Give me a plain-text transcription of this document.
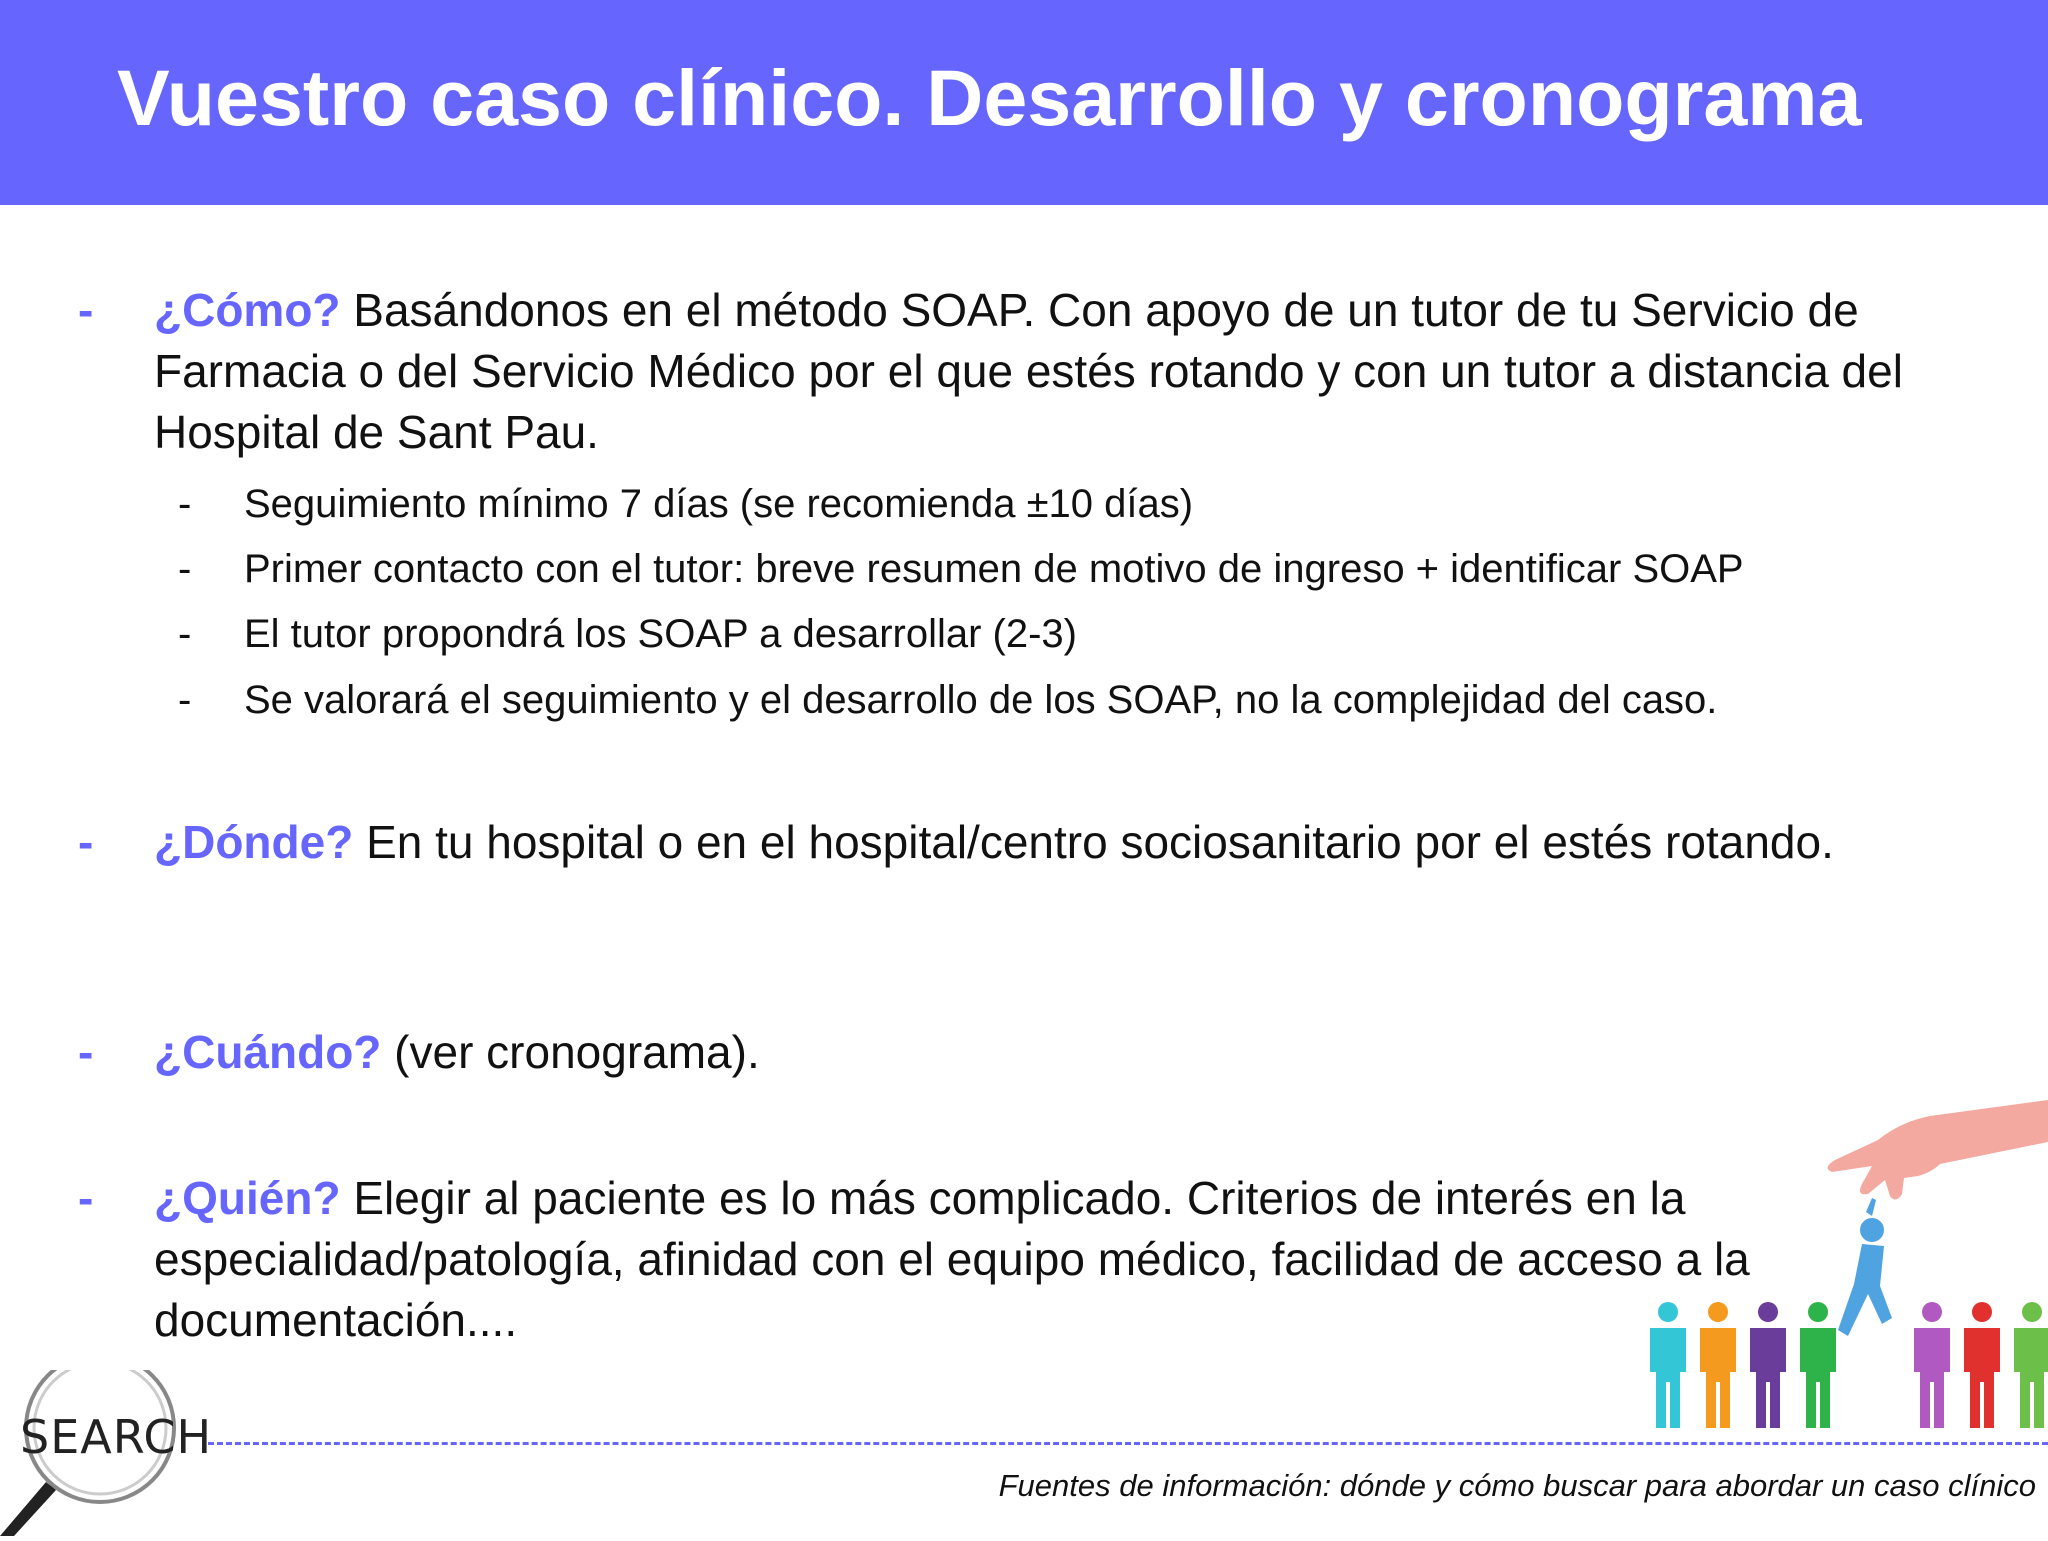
Vuestro caso clínico. Desarrollo y cronograma
- ¿Cómo? Basándonos en el método SOAP. Con apoyo de un tutor de tu Servicio de Farmacia o del Servicio Médico por el que estés rotando y con un tutor a distancia del Hospital de Sant Pau.
- Seguimiento mínimo 7 días (se recomienda ±10 días)
- Primer contacto con el tutor: breve resumen de motivo de ingreso + identificar SOAP
- El tutor propondrá los SOAP a desarrollar (2-3)
- Se valorará el seguimiento y el desarrollo de los SOAP, no la complejidad del caso.
- ¿Dónde? En tu hospital o en el hospital/centro sociosanitario por el estés rotando.
- ¿Cuándo? (ver cronograma).
- ¿Quién? Elegir al paciente es lo más complicado. Criterios de interés en la especialidad/patología, afinidad con el equipo médico, facilidad de acceso a la documentación....
Fuentes de información: dónde y cómo buscar para abordar un caso clínico
SEARCH
